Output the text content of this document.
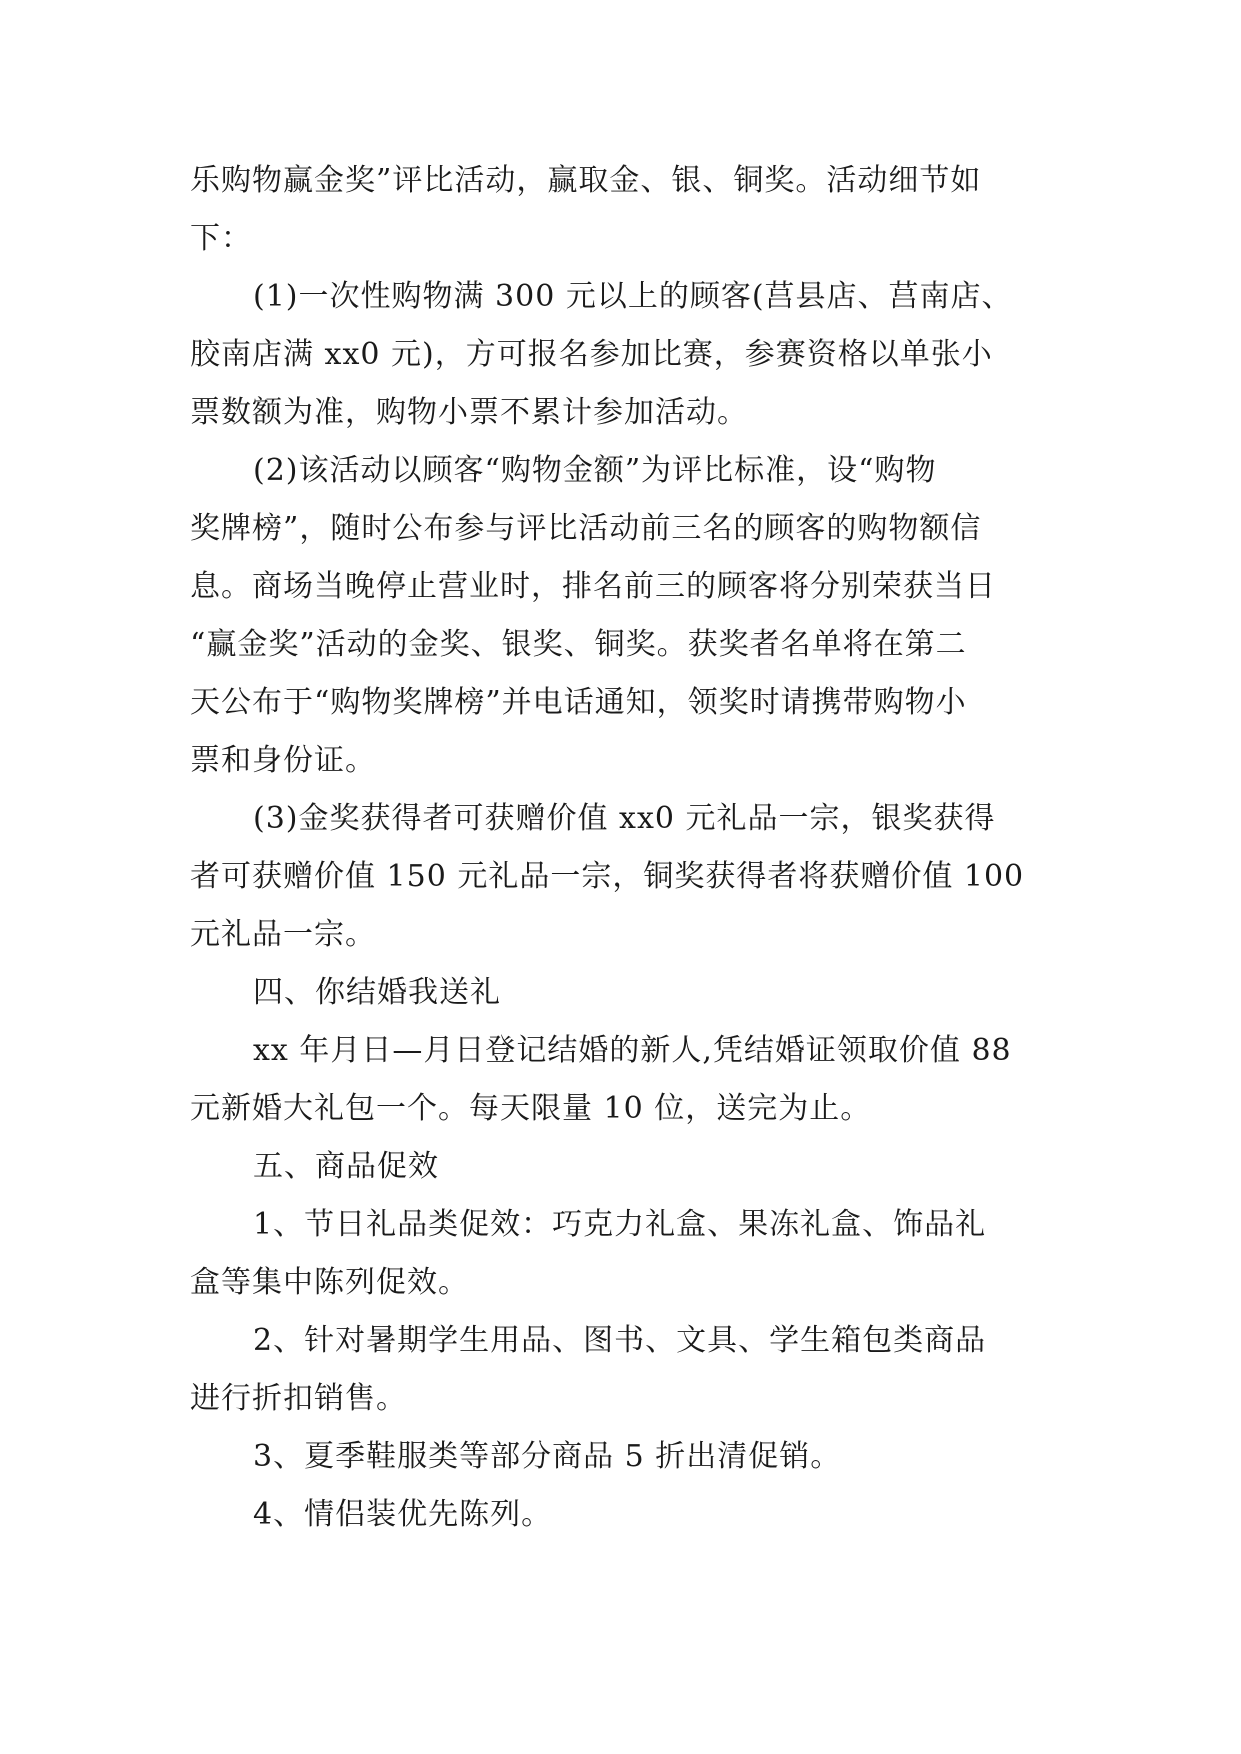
乐购物赢金奖”评比活动，赢取金、银、铜奖。活动细节如
下：

(1)一次性购物满 300 元以上的顾客(莒县店、莒南店、
胶南店满 xx0 元)，方可报名参加比赛，参赛资格以单张小
票数额为准，购物小票不累计参加活动。

(2)该活动以顾客“购物金额”为评比标准，设“购物
奖牌榜”，随时公布参与评比活动前三名的顾客的购物额信
息。商场当晚停止营业时，排名前三的顾客将分别荣获当日
“赢金奖”活动的金奖、银奖、铜奖。获奖者名单将在第二
天公布于“购物奖牌榜”并电话通知，领奖时请携带购物小
票和身份证。

(3)金奖获得者可获赠价值 xx0 元礼品一宗，银奖获得
者可获赠价值 150 元礼品一宗，铜奖获得者将获赠价值 100
元礼品一宗。

四、你结婚我送礼

xx 年月日—月日登记结婚的新人,凭结婚证领取价值 88
元新婚大礼包一个。每天限量 10 位，送完为止。

五、商品促效

1、节日礼品类促效：巧克力礼盒、果冻礼盒、饰品礼
盒等集中陈列促效。

2、针对暑期学生用品、图书、文具、学生箱包类商品
进行折扣销售。

3、夏季鞋服类等部分商品 5 折出清促销。

4、情侣装优先陈列。
